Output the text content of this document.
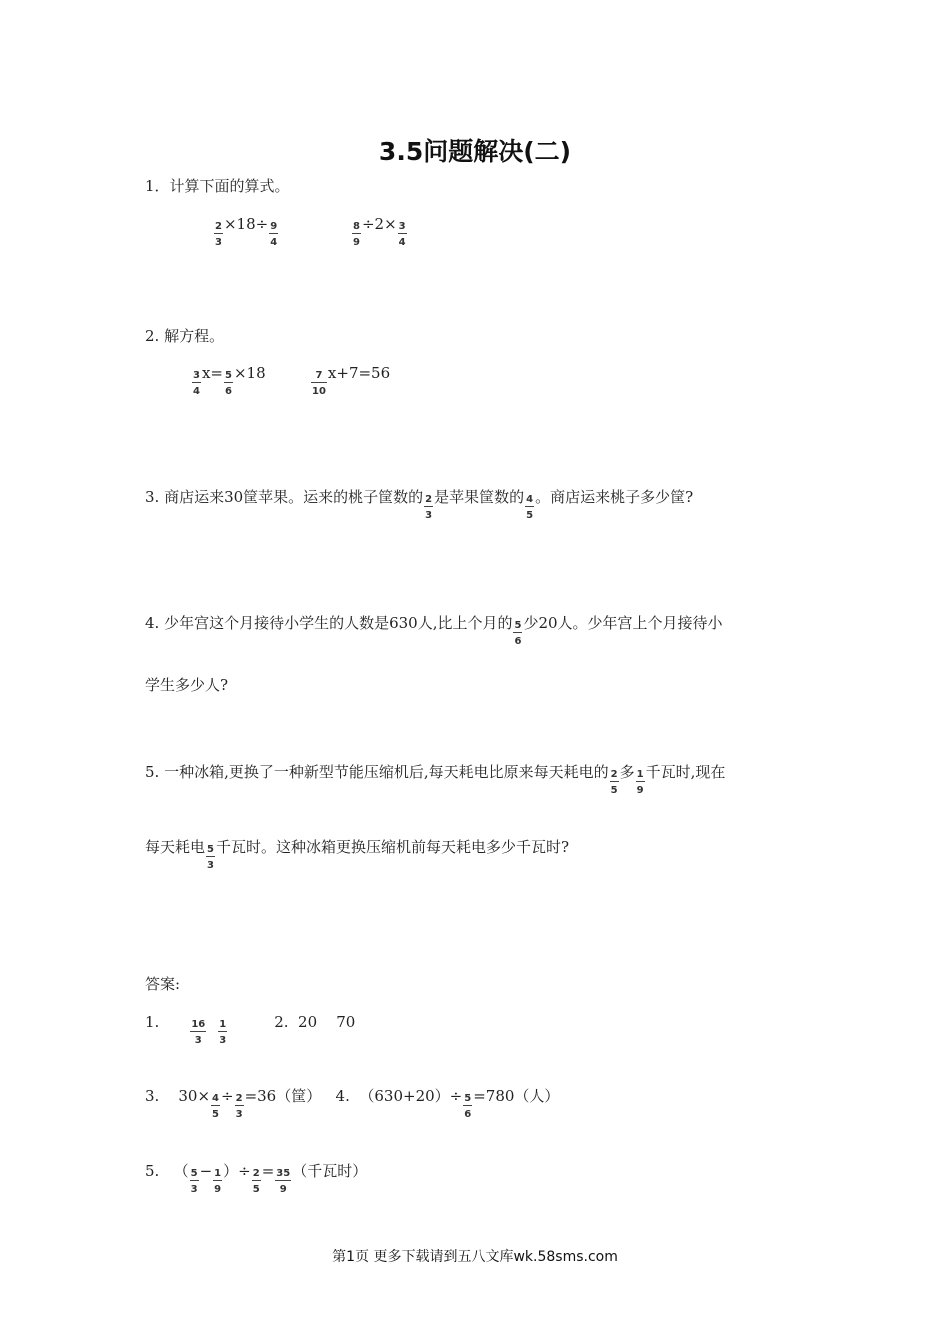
3.5问题解决(二)
1．计算下面的算式。
$\frac{2}{3} \times 18\div \frac{9}{4}$	$\frac{8}{9} \div 2\times \frac{3}{4}$
2. 解方程。
$\frac{3}{4} x= \frac{5}{6} \times 18$	$\frac{7}{10} x+7=56$
3. 商店运来30筐苹果。运来的桃子筐数的 $\frac{2}{3}$ 是苹果筐数的 $\frac{4}{5}$ 。商店运来桃子多少筐?
4. 少年宫这个月接待小学生的人数是630人,比上个月的 $\frac{5}{6}$ 少20人。少年宫上个月接待小
学生多少人?
5. 一种冰箱,更换了一种新型节能压缩机后,每天耗电比原来每天耗电的 $\frac{2}{5}$ 多 $\frac{1}{9}$ 千瓦时,现在
每天耗电 $\frac{5}{3}$ 千瓦时。这种冰箱更换压缩机前每天耗电多少千瓦时?
答案:
1.	$\frac{16}{3} \frac{1}{3}$	2.  20    70
3.    $30\times \frac{4}{5} \div \frac{2}{3} =36$（筐）   4.  $(630+20)\div \frac{5}{6} =780$（人）
5.   （ $\frac{5}{3} - \frac{1}{9}$ ）÷ $\frac{2}{5} = \frac{35}{9}$ （千瓦时）
第1页 更多下载请到五八文库wk.58sms.com
